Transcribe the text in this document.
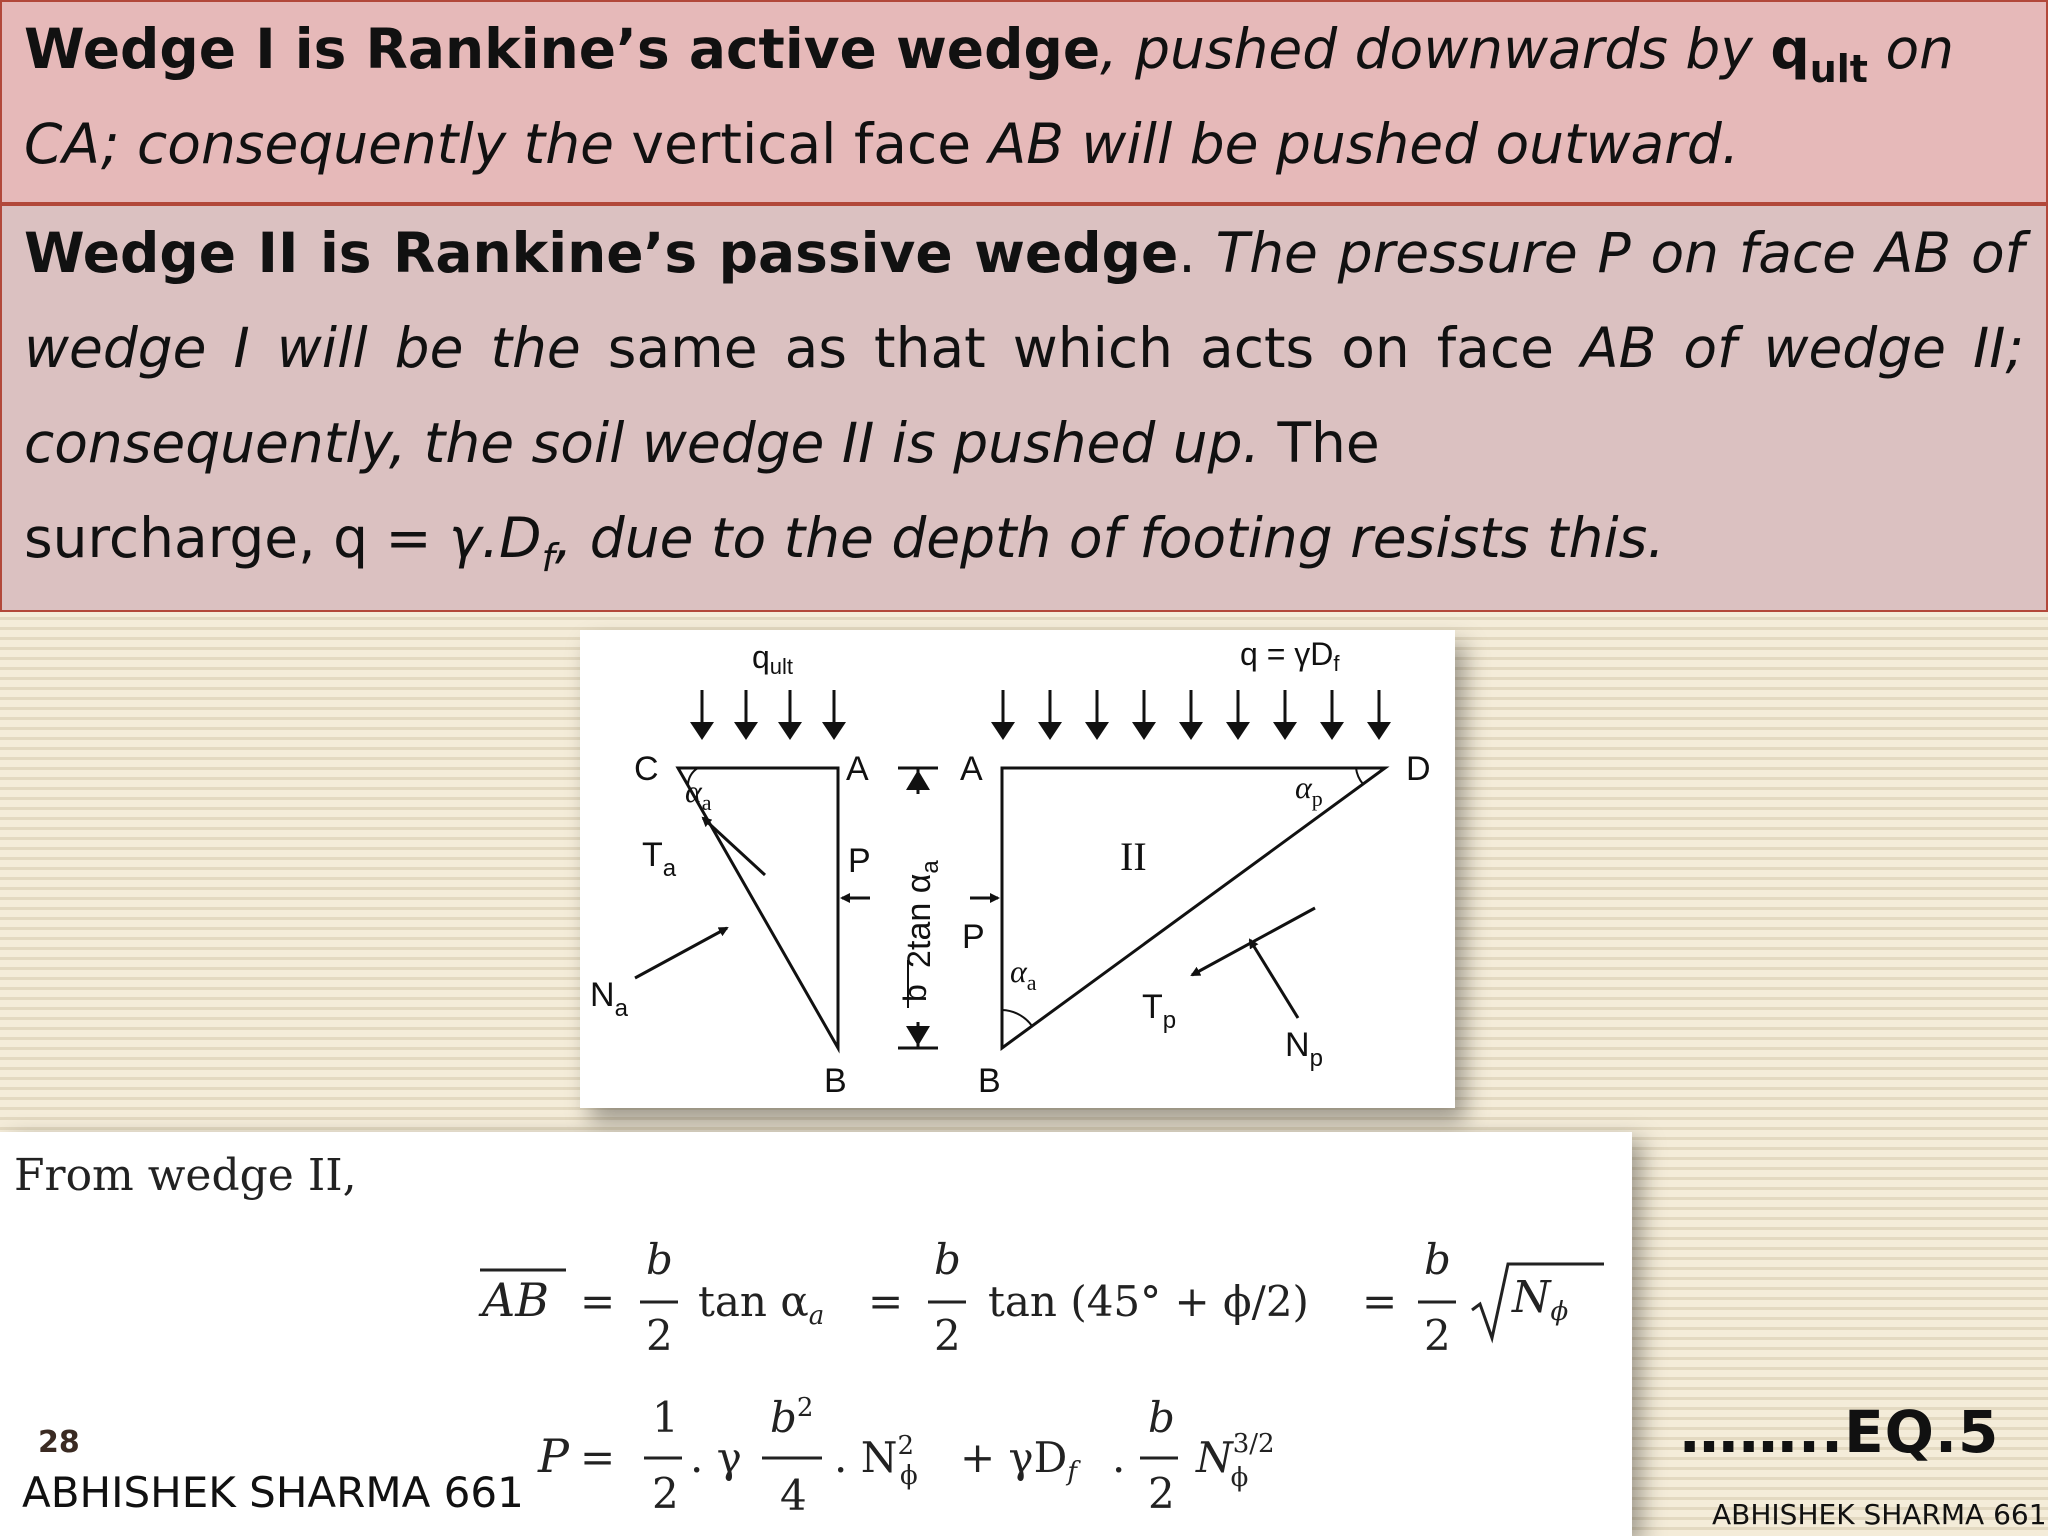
Wedge I is Rankine’s active wedge, pushed downwards by $q_{ult}$ on
CA; consequently the vertical face AB will be pushed outward.
Wedge II is Rankine’s passive wedge. The pressure P on face AB of wedge I will be the same as that which acts on face AB of wedge II; consequently, the soil wedge II is pushed up. The
surcharge, $q = \gamma.D_f$, due to the depth of footing resists this.
qult	q = γDf
C	A	A	D
B	B
$\alpha_a$	$\alpha_p$
$\alpha_a$
II
$T_a$
$N_a$	$T_p$
$N_p$
P
P
$\tan \alpha_a$
b
2
From wedge II,
AB =
b
2
tan αa =
b
2
tan (45° + ϕ/2) =
b
2
Nϕ
P =
1
2
. γ
$b^2$
4
. $N^2$ ϕ + γDf .
b
2
$N^{3/2}$ ϕ
28
ABHISHEK SHARMA 661
……..EQ.5
ABHISHEK SHARMA 661
